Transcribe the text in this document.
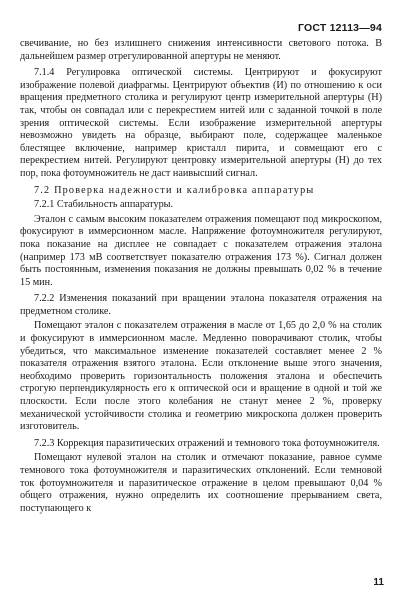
ГОСТ 12113—94

свечивание, но без излишнего снижения интенсивности светового потока. В дальнейшем размер отрегулированной апертуры не меняют.

7.1.4 Регулировка оптической системы. Центрируют и фокусируют изображение полевой диафрагмы. Центрируют объектив (И) по отношению к оси вращения предметного столика и регулируют центр измерительной апертуры (Н) так, чтобы он совпадал или с перекрестием нитей или с заданной точкой в поле зрения оптической системы. Если изображение измерительной апертуры невозможно увидеть на образце, выбирают поле, содержащее маленькое блестящее включение, например кристалл пирита, и совмещают его с перекрестием нитей. Регулируют центровку измерительной апертуры (Н) до тех пор, пока фотоумножитель не даст наивысший сигнал.

7.2 Проверка надежности и калибровка аппаратуры

7.2.1 Стабильность аппаратуры.

Эталон с самым высоким показателем отражения помещают под микроскопом, фокусируют в иммерсионном масле. Напряжение фотоумножителя регулируют, пока показание на дисплее не совпадает с показателем отражения эталона (например 173 мВ соответствует показателю отражения 173 %). Сигнал должен быть постоянным, изменения показания не должны превышать 0,02 % в течение 15 мин.

7.2.2 Изменения показаний при вращении эталона показателя отражения на предметном столике.

Помещают эталон с показателем отражения в масле от 1,65 до 2,0 % на столик и фокусируют в иммерсионном масле. Медленно поворачивают столик, чтобы убедиться, что максимальное изменение показателей составляет менее 2 % показателя отражения взятого эталона. Если отклонение выше этого значения, необходимо проверить горизонтальность положения эталона и обеспечить строгую перпендикулярность его к оптической оси и вращение в одной и той же плоскости. Если после этого колебания не станут менее 2 %, проверку механической устойчивости столика и геометрию микроскопа должен проверить изготовитель.

7.2.3 Коррекция паразитических отражений и темнового тока фотоумножителя.

Помещают нулевой эталон на столик и отмечают показание, равное сумме темнового тока фотоумножителя и паразитических отклонений. Если темновой ток фотоумножителя и паразитическое отражение в целом превышают 0,04 % общего отражения, нужно определить их соотношение прерыванием света, поступающего к

11
